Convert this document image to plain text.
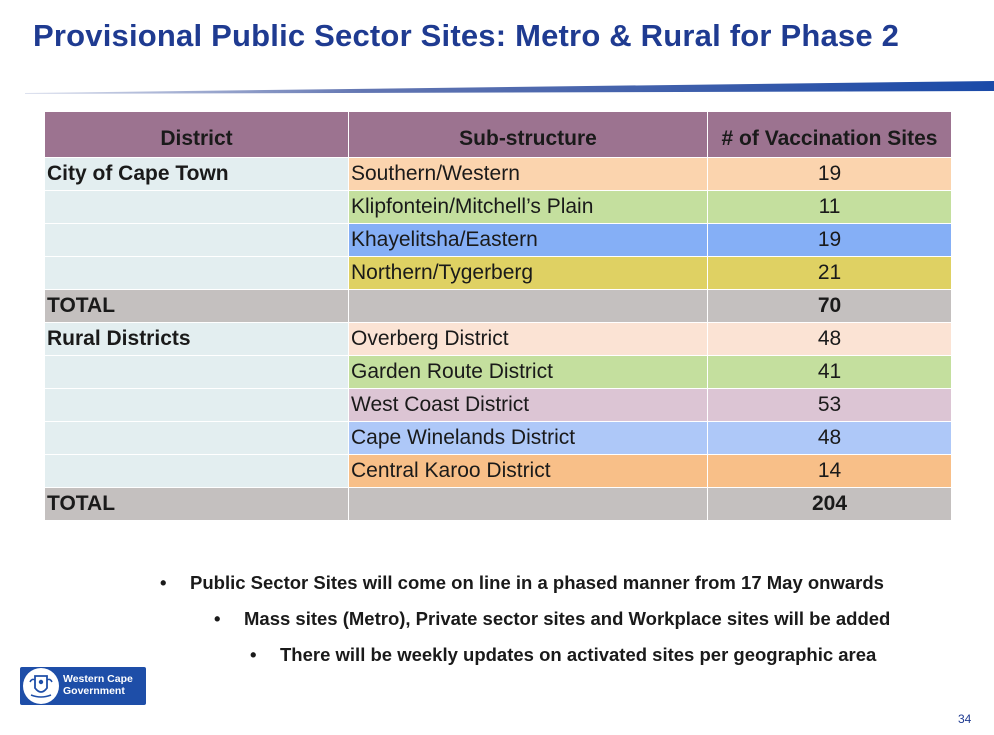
Provisional Public Sector Sites: Metro & Rural for Phase 2
District	Sub-structure	# of Vaccination Sites
City of Cape Town	Southern/Western	19
	Klipfontein/Mitchell’s Plain	11
	Khayelitsha/Eastern	19
	Northern/Tygerberg	21
TOTAL		70
Rural Districts	Overberg District	48
	Garden Route District	41
	West Coast District	53
	Cape Winelands District	48
	Central Karoo District	14
TOTAL		204
• Public Sector Sites will come on line in a phased manner from 17 May onwards
• Mass sites (Metro), Private sector sites and Workplace sites will be added
• There will be weekly updates on activated sites per geographic area
Western Cape
Government
34
